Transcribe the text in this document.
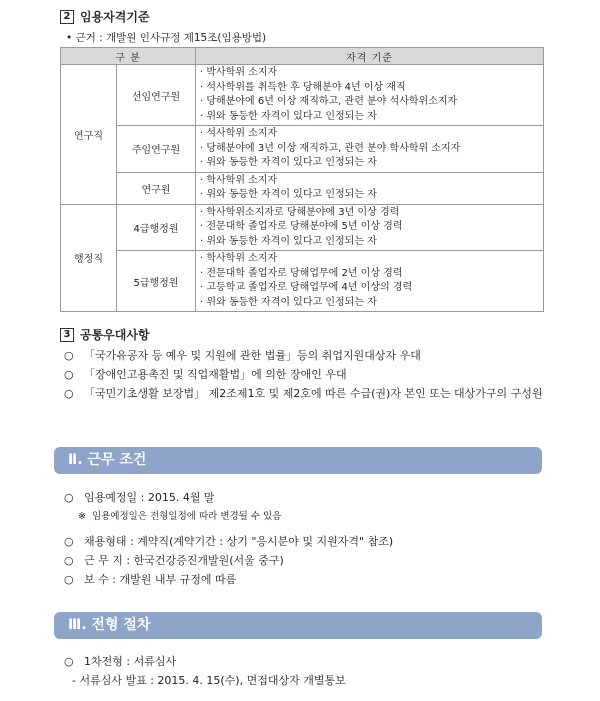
2 임용자격기준
• 근거 : 개발원 인사규정 제15조(임용방법)
구 분		자격 기준
연구직	선임연구원	· 박사학위 소지자
· 석사학위를 취득한 후 당해분야 4년 이상 재직
· 당해분야에 6년 이상 재직하고, 관련 분야 석사학위소지자
· 위와 동등한 자격이 있다고 인정되는 자

	주임연구원	· 석사학위 소지자
· 당해분야에 3년 이상 재직하고, 관련 분야 학사학위 소지자
· 위와 동등한 자격이 있다고 인정되는 자

	연구원	· 학사학위 소지자
· 위와 동등한 자격이 있다고 인정되는 자

행정직	4급행정원	· 학사학위소지자로 당해분야에 3년 이상 경력
· 전문대학 졸업자로 당해분야에 5년 이상 경력
· 위와 동등한 자격이 있다고 인정되는 자

	5급행정원	· 학사학위 소지자
· 전문대학 졸업자로 당해업무에 2년 이상 경력
· 고등학교 졸업자로 당해업무에 4년 이상의 경력
· 위와 동등한 자격이 있다고 인정되는 자
3 공통우대사항
○ 「국가유공자 등 예우 및 지원에 관한 법률」등의 취업지원대상자 우대
○ 「장애인고용촉진 및 직업재활법」에 의한 장애인 우대
○ 「국민기초생활 보장법」 제2조제1호 및 제2호에 따른 수급(권)자 본인 또는 대상가구의 구성원
Ⅱ. 근무 조건
○ 임용예정일 : 2015. 4월 말
※ 임용예정일은 전형일정에 따라 변경될 수 있음
○ 채용형태 : 계약직(계약기간 : 상기 "응시분야 및 지원자격" 참조)
○ 근 무 지 : 한국건강증진개발원(서울 중구)
○ 보 수 : 개발원 내부 규정에 따름
Ⅲ. 전형 절차
○ 1차전형 : 서류심사
- 서류심사 발표 : 2015. 4. 15(수), 면접대상자 개별통보
